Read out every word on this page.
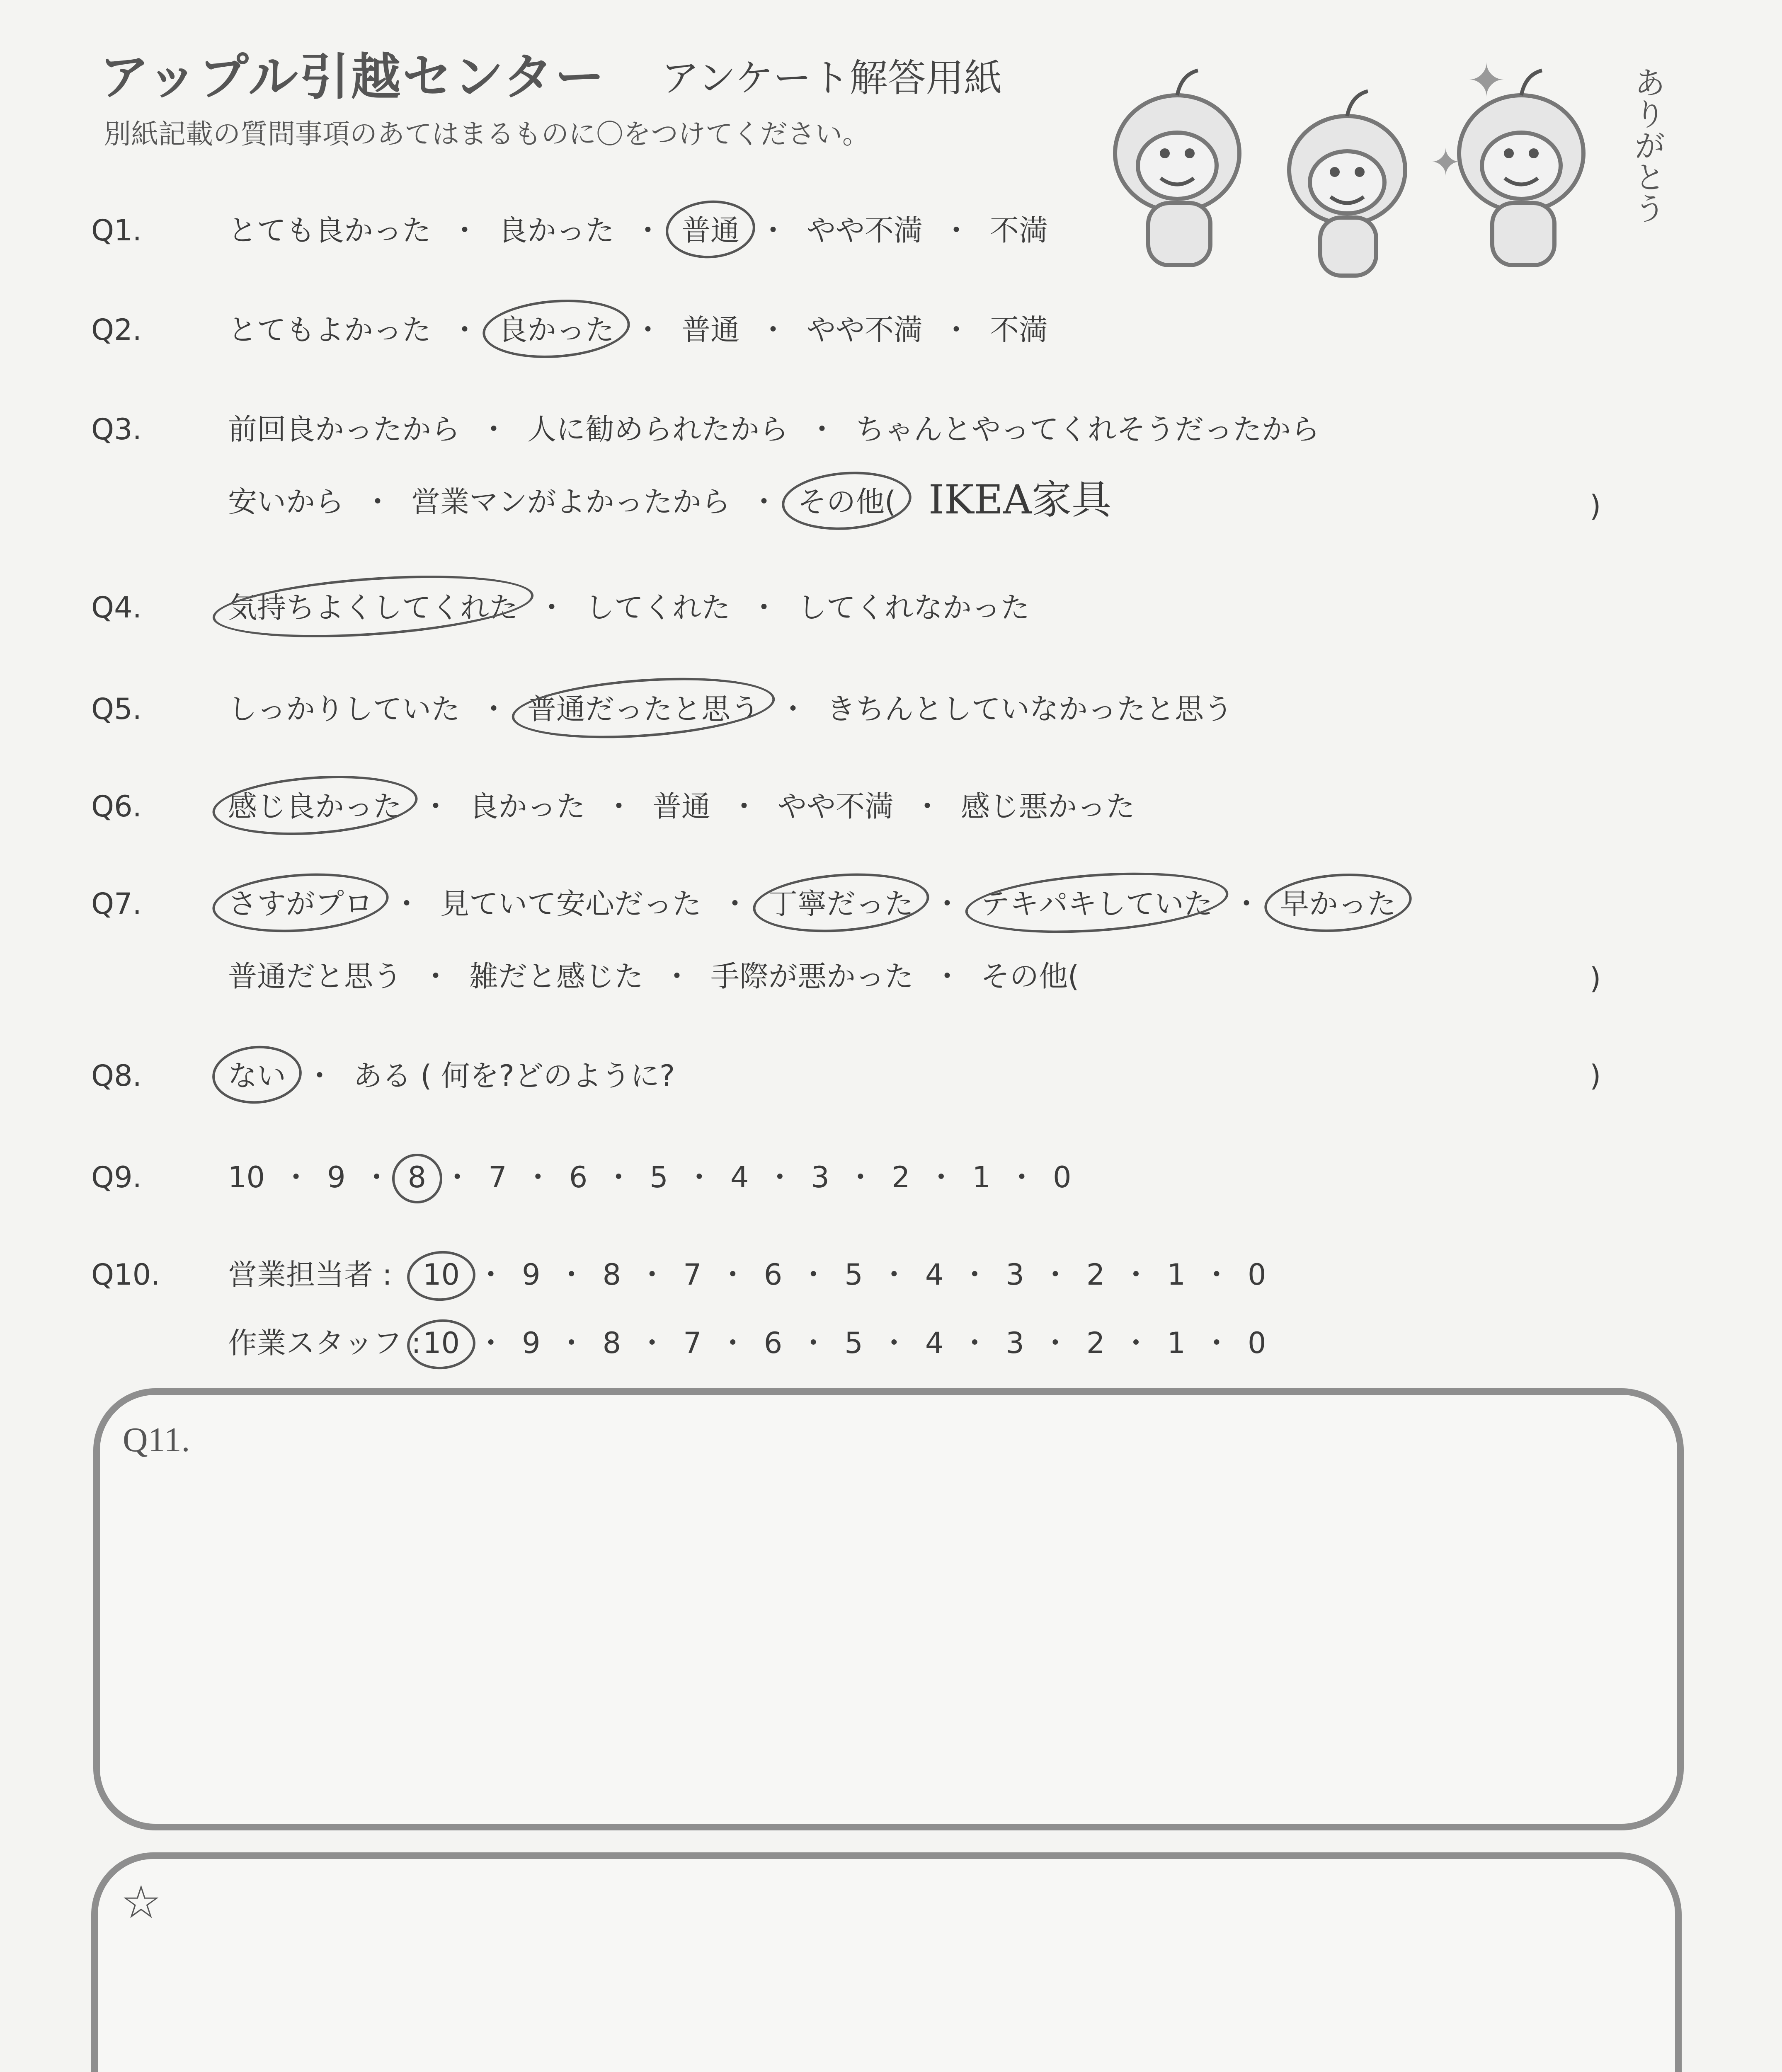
アップル引越センター アンケート解答用紙
別紙記載の質問事項のあてはまるものに〇をつけてください。
✦
✦	ありがとう
Q1.	とても良かった ・ 良かった ・ 普通 ・ やや不満 ・ 不満
Q2.	とてもよかった ・ 良かった ・ 普通 ・ やや不満 ・ 不満
Q3.	前回良かったから ・ 人に勧められたから ・ ちゃんとやってくれそうだったから
安いから ・ 営業マンがよかったから ・ その他(
Q4.	気持ちよくしてくれた ・ してくれた ・ してくれなかった
Q5.	しっかりしていた ・ 普通だったと思う ・ きちんとしていなかったと思う
Q6.	感じ良かった ・ 良かった ・ 普通 ・ やや不満 ・ 感じ悪かった
Q7.	さすがプロ ・ 見ていて安心だった ・ 丁寧だった ・ テキパキしていた ・ 早かった
普通だと思う ・ 雑だと感じた ・ 手際が悪かった ・ その他(
Q8.	ない ・ ある ( 何を?どのように?
Q9.	10 ・ 9 ・ 8 ・ 7 ・ 6 ・ 5 ・ 4 ・ 3 ・ 2 ・ 1 ・ 0
IKEA家具	)
)
)
Q10.	営業担当者 :	10 ・ 9 ・ 8 ・ 7 ・ 6 ・ 5 ・ 4 ・ 3 ・ 2 ・ 1 ・ 0
作業スタッフ : 10 ・ 9 ・ 8 ・ 7 ・ 6 ・ 5 ・ 4 ・ 3 ・ 2 ・ 1 ・ 0
Q11.
☆
